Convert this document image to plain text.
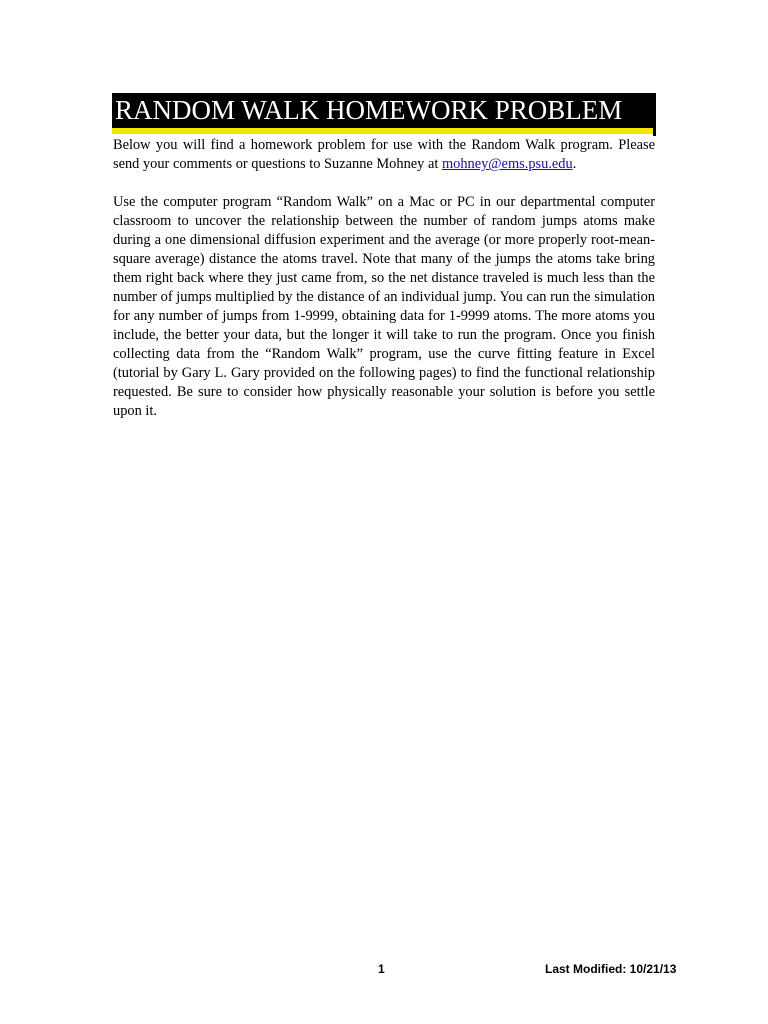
RANDOM WALK HOMEWORK PROBLEM

Below you will find a homework problem for use with the Random Walk program. Please send your comments or questions to Suzanne Mohney at mohney@ems.psu.edu.

Use the computer program “Random Walk” on a Mac or PC in our departmental computer classroom to uncover the relationship between the number of random jumps atoms make during a one dimensional diffusion experiment and the average (or more properly root-mean-square average) distance the atoms travel. Note that many of the jumps the atoms take bring them right back where they just came from, so the net distance traveled is much less than the number of jumps multiplied by the distance of an individual jump. You can run the simulation for any number of jumps from 1-9999, obtaining data for 1-9999 atoms. The more atoms you include, the better your data, but the longer it will take to run the program. Once you finish collecting data from the “Random Walk” program, use the curve fitting feature in Excel (tutorial by Gary L. Gary provided on the following pages) to find the functional relationship requested. Be sure to consider how physically reasonable your solution is before you settle upon it.

1	Last Modified: 10/21/13
